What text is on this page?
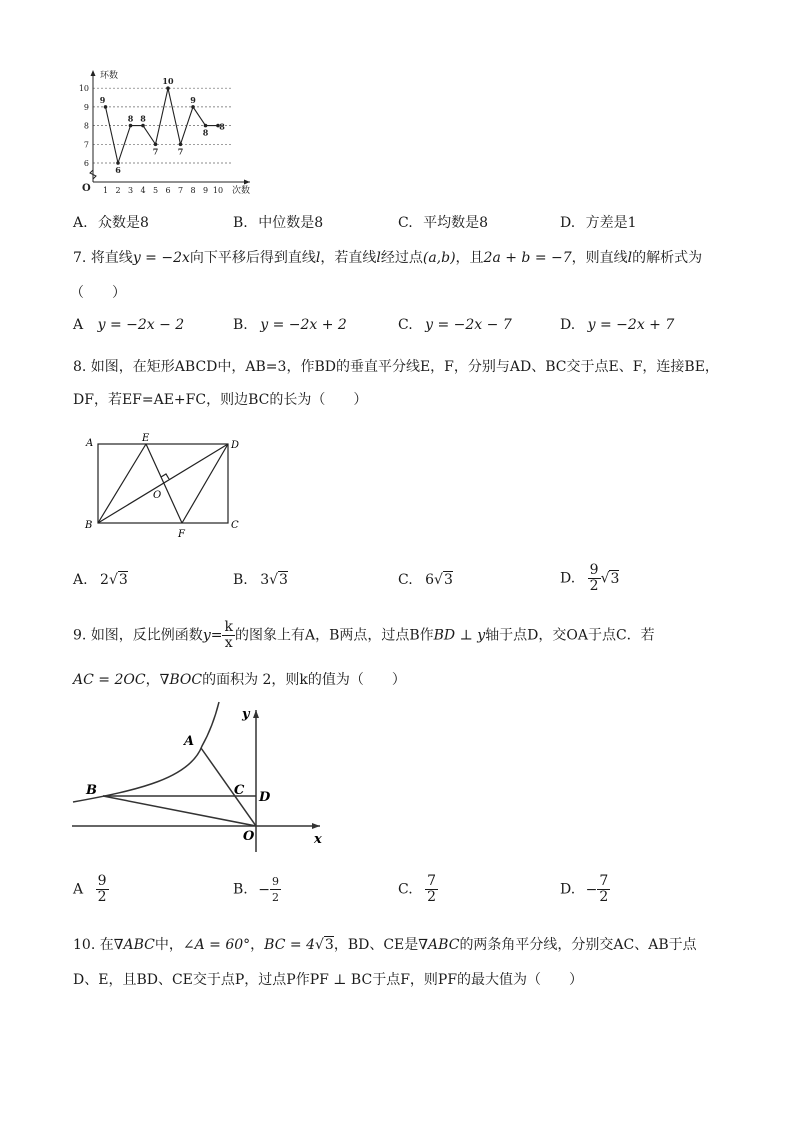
6
7
8
9
10
1 2 3 4 5 6 7 8 9 10
9
6
8 8
7
10
7
9
8
8
环数
次数
O
A. 众数是8	B. 中位数是8	C. 平均数是8	D. 方差是1
7. 将直线y = −2x向下平移后得到直线l，若直线l经过点(a,b)，且2a + b = −7，则直线l的解析式为
（　　）
A y = −2x − 2	B. y = −2x + 2	C. y = −2x − 7	D. y = −2x + 7
8. 如图，在矩形ABCD中，AB=3，作BD的垂直平分线E，F，分别与AD、BC交于点E、F，连接BE，
DF，若EF=AE+FC，则边BC的长为（　　）
A	E
D
O
B
F
C
A. 2√3	B. 3√3	C. 6√3	D. $\frac{9}{2} √3$
9. 如图，反比例函数$y= \frac{k}{x}$ 的图象上有A，B两点，过点B作BD ⊥ y轴于点D，交OA于点C．若
AC = 2OC，∇BOC的面积为 2，则k的值为（　　）
y
A
B	C D
O	x
A $\frac{9}{2}$	B. − $\frac{9}{2}$	C. $\frac{7}{2}$	D. − $\frac{7}{2}$
10. 在∇ABC中，∠A = 60°，BC = 4√3，BD、CE是∇ABC的两条角平分线，分别交AC、AB于点
D、E，且BD、CE交于点P，过点P作PF ⊥ BC于点F，则PF的最大值为（　　）
